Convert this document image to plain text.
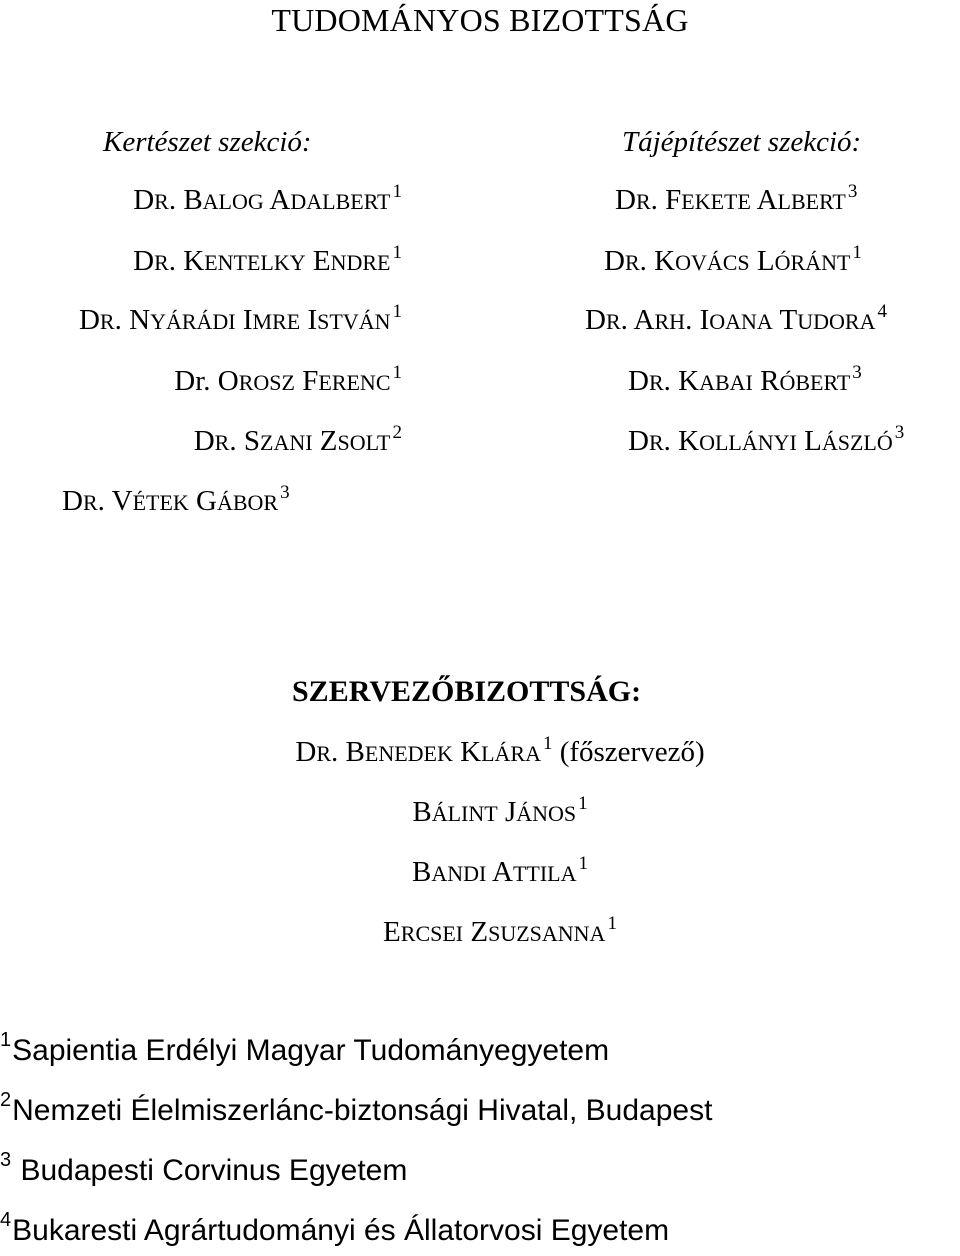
TUDOMÁNYOS BIZOTTSÁG
Kertészet szekció:	Tájépítészet szekció:
DR. BALOG ADALBERT $^1$
DR. KENTELKY ENDRE $^1$
DR. NYÁRÁDI IMRE ISTVÁN $^1$
Dr. OROSZ FERENC $^1$
DR. SZANI ZSOLT $^2$
DR. VÉTEK GÁBOR $^3$
DR. FEKETE ALBERT $^3$
DR. KOVÁCS LÓRÁNT $^1$
DR. ARH. IOANA TUDORA $^4$
DR. KABAI RÓBERT $^3$
DR. KOLLÁNYI LÁSZLÓ $^3$
SZERVEZŐBIZOTTSÁG:
DR. BENEDEK KLÁRA $^1$ (főszervező)
BÁLINT JÁNOS $^1$
BANDI ATTILA $^1$
ERCSEI ZSUZSANNA $^1$
$^1$Sapientia Erdélyi Magyar Tudományegyetem
$^2$Nemzeti Élelmiszerlánc-biztonsági Hivatal, Budapest
$^3$ Budapesti Corvinus Egyetem
$^4$Bukaresti Agrártudományi és Állatorvosi Egyetem
